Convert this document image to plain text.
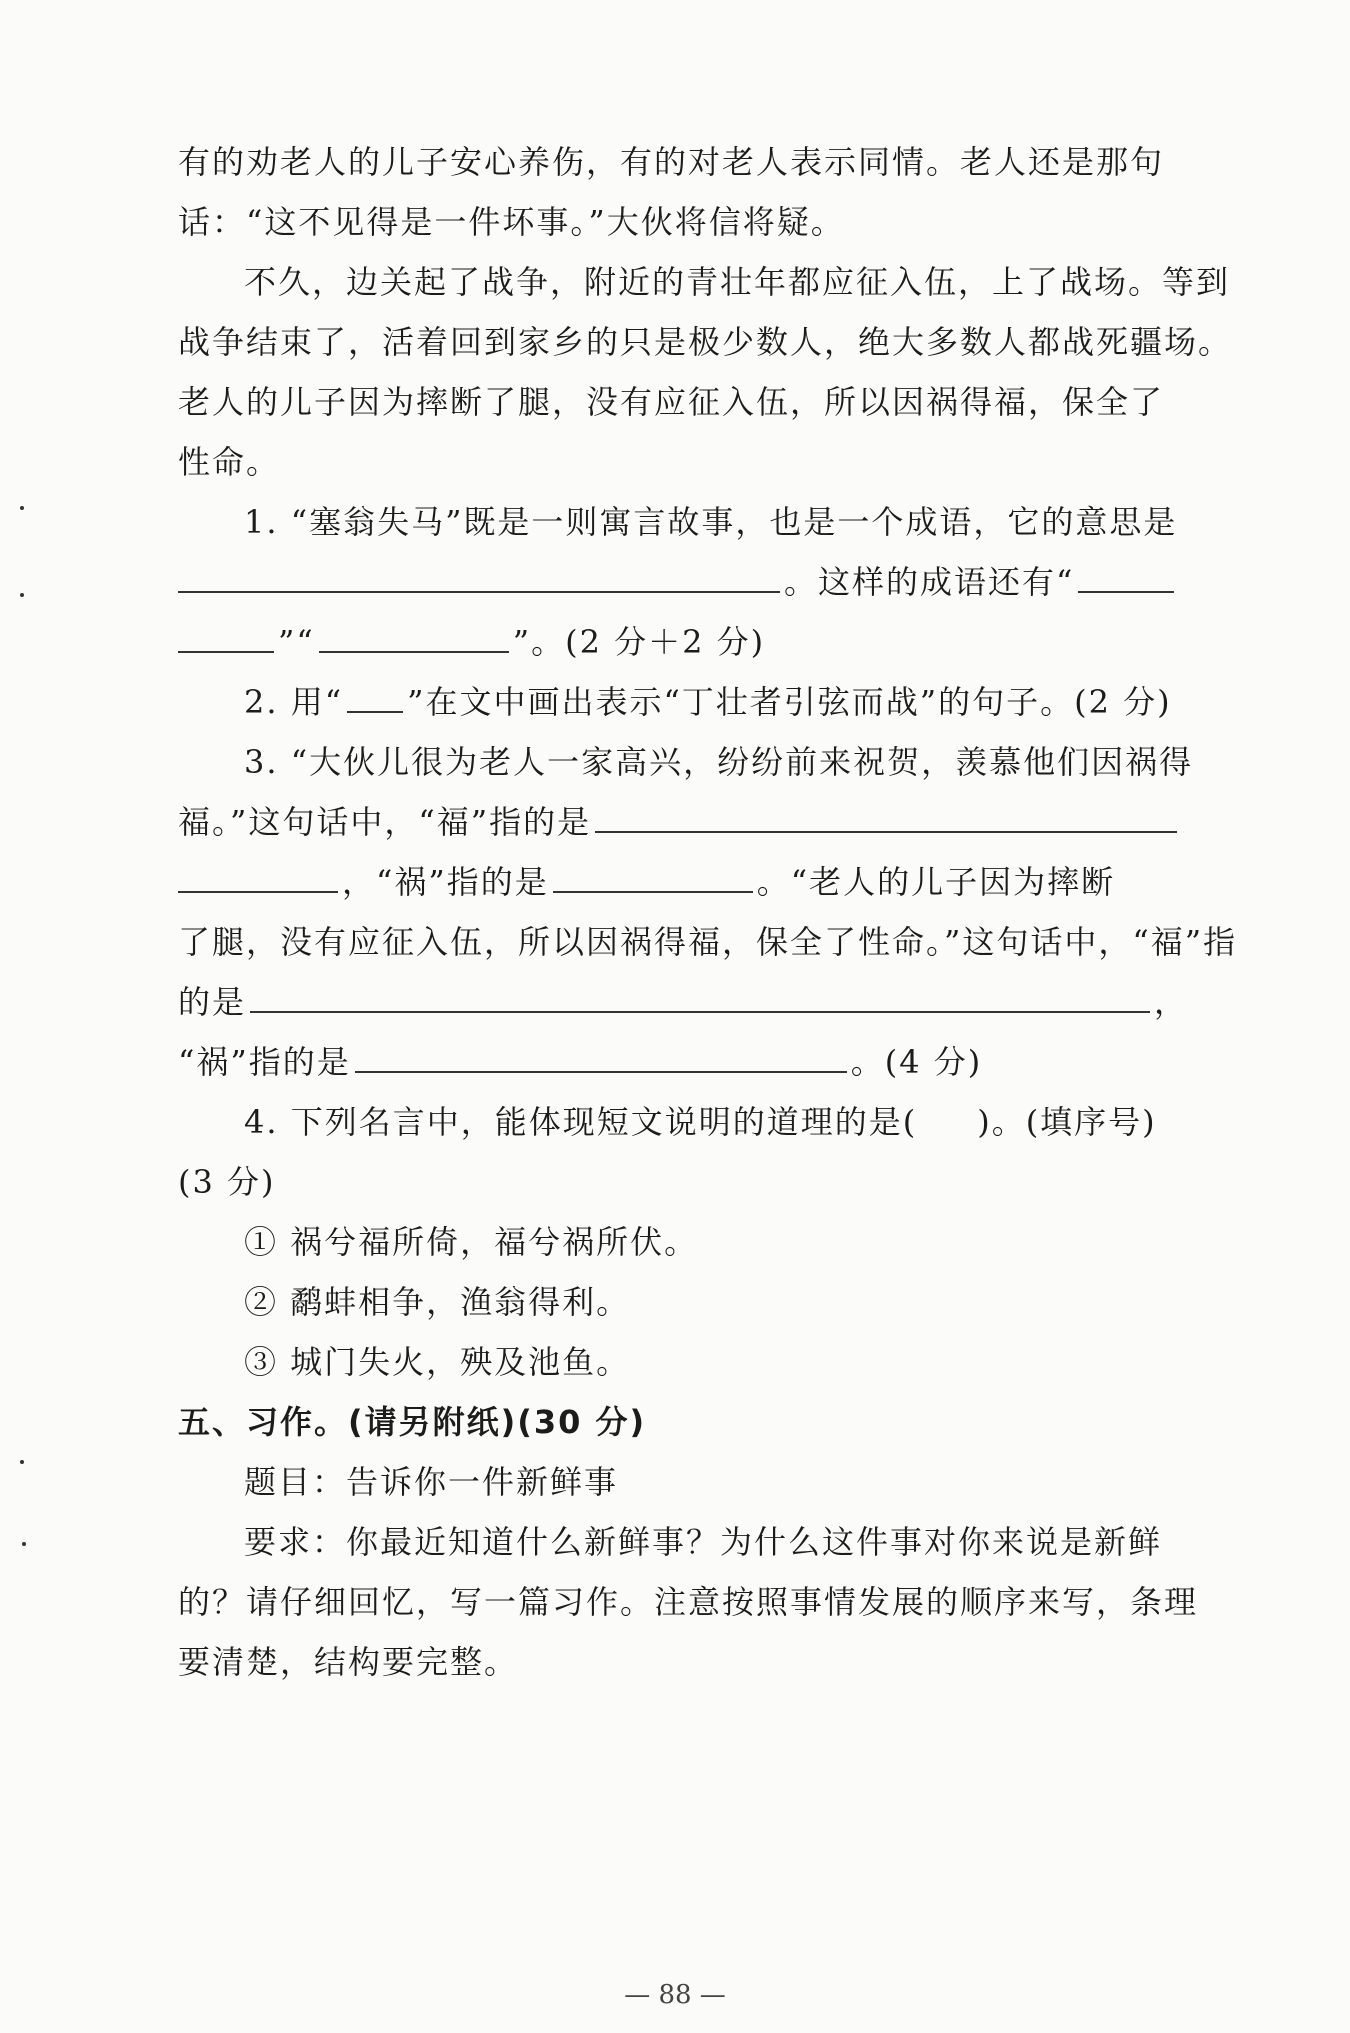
有的劝老人的儿子安心养伤，有的对老人表示同情。老人还是那句
话：“这不见得是一件坏事。”大伙将信将疑。
不久，边关起了战争，附近的青壮年都应征入伍，上了战场。等到
战争结束了，活着回到家乡的只是极少数人，绝大多数人都战死疆场。
老人的儿子因为摔断了腿，没有应征入伍，所以因祸得福，保全了
性命。
1. “塞翁失马”既是一则寓言故事，也是一个成语，它的意思是
。这样的成语还有“
”“	”。(2 分＋2 分)
2. 用“ ”在文中画出表示“丁壮者引弦而战”的句子。(2 分)
3. “大伙儿很为老人一家高兴，纷纷前来祝贺，羡慕他们因祸得
福。”这句话中，“福”指的是
，“祸”指的是	。“老人的儿子因为摔断
了腿，没有应征入伍，所以因祸得福，保全了性命。”这句话中，“福”指
的是	，
“祸”指的是	。(4 分)
4. 下列名言中，能体现短文说明的道理的是( )。(填序号)
(3 分)
① 祸兮福所倚，福兮祸所伏。
② 鹬蚌相争，渔翁得利。
③ 城门失火，殃及池鱼。
五、习作。(请另附纸)(30 分)
题目：告诉你一件新鲜事
要求：你最近知道什么新鲜事？为什么这件事对你来说是新鲜
的？请仔细回忆，写一篇习作。注意按照事情发展的顺序来写，条理
要清楚，结构要完整。
— 88 —
